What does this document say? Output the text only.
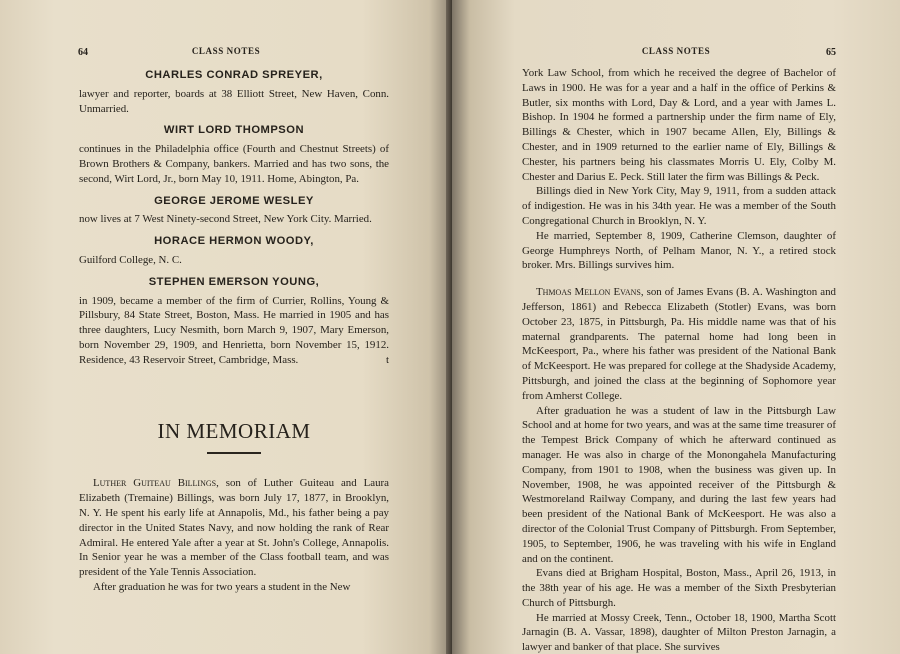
64	CLASS NOTES
CHARLES CONRAD SPREYER,
lawyer and reporter, boards at 38 Elliott Street, New Haven, Conn. Unmarried.
WIRT LORD THOMPSON
continues in the Philadelphia office (Fourth and Chestnut Streets) of Brown Brothers & Company, bankers. Married and has two sons, the second, Wirt Lord, Jr., born May 10, 1911. Home, Abington, Pa.
GEORGE JEROME WESLEY
now lives at 7 West Ninety-second Street, New York City. Married.
HORACE HERMON WOODY,
Guilford College, N. C.
STEPHEN EMERSON YOUNG,
in 1909, became a member of the firm of Currier, Rollins, Young & Pillsbury, 84 State Street, Boston, Mass. He married in 1905 and has three daughters, Lucy Nesmith, born March 9, 1907, Mary Emerson, born November 29, 1909, and Henrietta, born November 15, 1912. Residence, 43 Reservoir Street, Cambridge, Mass.	t
IN MEMORIAM

Luther Guiteau Billings, son of Luther Guiteau and Laura Elizabeth (Tremaine) Billings, was born July 17, 1877, in Brooklyn, N. Y. He spent his early life at Annapolis, Md., his father being a pay director in the United States Navy, and now holding the rank of Rear Admiral. He entered Yale after a year at St. John's College, Annapolis. In Senior year he was a member of the Class football team, and was president of the Yale Tennis Association.

After graduation he was for two years a student in the New

CLASS NOTES	65

York Law School, from which he received the degree of Bachelor of Laws in 1900. He was for a year and a half in the office of Perkins & Butler, six months with Lord, Day & Lord, and a year with James L. Bishop. In 1904 he formed a partnership under the firm name of Ely, Billings & Chester, which in 1907 became Allen, Ely, Billings & Chester, and in 1909 returned to the earlier name of Ely, Billings & Chester, his partners being his classmates Morris U. Ely, Colby M. Chester and Darius E. Peck. Still later the firm was Billings & Peck.

Billings died in New York City, May 9, 1911, from a sudden attack of indigestion. He was in his 34th year. He was a member of the South Congregational Church in Brooklyn, N. Y.

He married, September 8, 1909, Catherine Clemson, daughter of George Humphreys North, of Pelham Manor, N. Y., a retired stock broker. Mrs. Billings survives him.

Thmoas Mellon Evans, son of James Evans (B. A. Washington and Jefferson, 1861) and Rebecca Elizabeth (Stotler) Evans, was born October 23, 1875, in Pittsburgh, Pa. His middle name was that of his maternal grandparents. The paternal home had long been in McKeesport, Pa., where his father was president of the National Bank of McKeesport. He was prepared for college at the Shadyside Academy, Pittsburgh, and joined the class at the beginning of Sophomore year from Amherst College.

After graduation he was a student of law in the Pittsburgh Law School and at home for two years, and was at the same time treasurer of the Tempest Brick Company of which he afterward continued as manager. He was also in charge of the Monongahela Manufacturing Company, from 1901 to 1908, when the business was given up. In November, 1908, he was appointed receiver of the Pittsburgh & Westmoreland Railway Company, and during the last few years had been president of the National Bank of McKeesport. He was also a director of the Colonial Trust Company of Pittsburgh. From September, 1905, to September, 1906, he was traveling with his wife in England and on the continent.

Evans died at Brigham Hospital, Boston, Mass., April 26, 1913, in the 38th year of his age. He was a member of the Sixth Presbyterian Church of Pittsburgh.

He married at Mossy Creek, Tenn., October 18, 1900, Martha Scott Jarnagin (B. A. Vassar, 1898), daughter of Milton Preston Jarnagin, a lawyer and banker of that place. She survives
